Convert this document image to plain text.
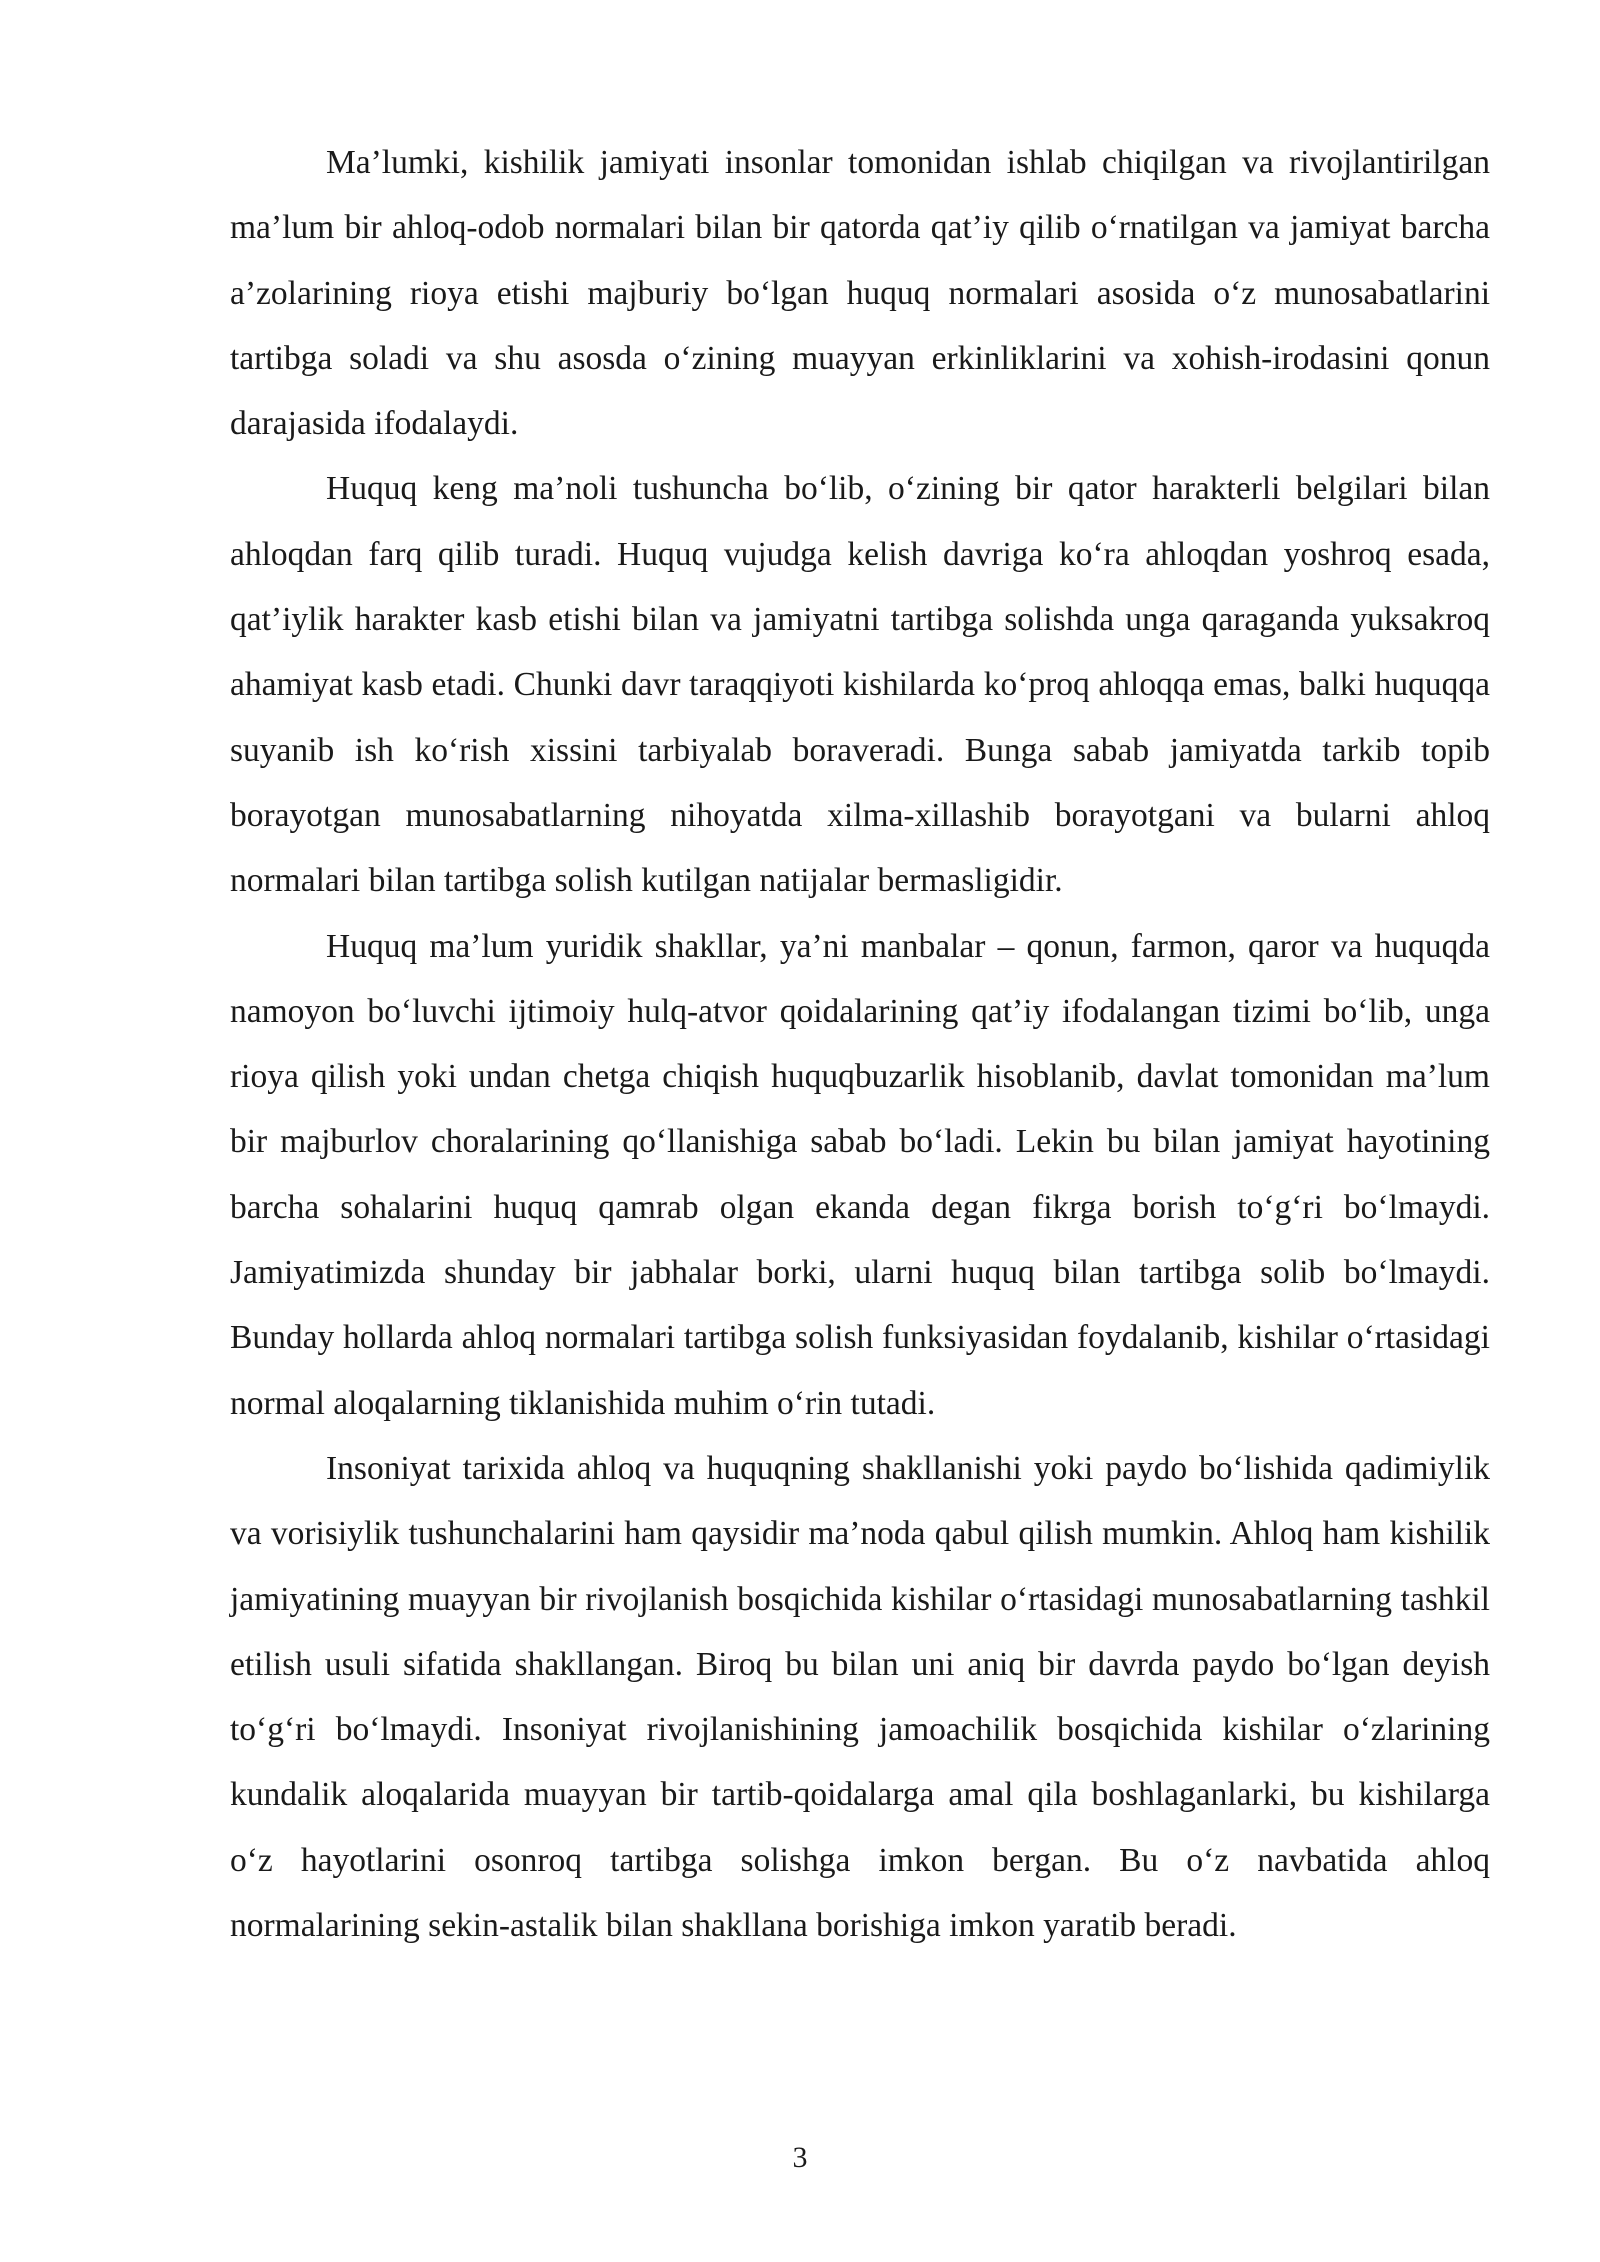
Ma’lumki, kishilik jamiyati insonlar tomonidan ishlab chiqilgan va rivojlantirilgan ma’lum bir ahloq-odob normalari bilan bir qatorda qat’iy qilib o‘rnatilgan va jamiyat barcha a’zolarining rioya etishi majburiy bo‘lgan huquq normalari asosida o‘z munosabatlarini tartibga soladi va shu asosda o‘zining muayyan erkinliklarini va xohish-irodasini qonun darajasida ifodalaydi.

Huquq keng ma’noli tushuncha bo‘lib, o‘zining bir qator harakterli belgilari bilan ahloqdan farq qilib turadi. Huquq vujudga kelish davriga ko‘ra ahloqdan yoshroq esada, qat’iylik harakter kasb etishi bilan va jamiyatni tartibga solishda unga qaraganda yuksakroq ahamiyat kasb etadi. Chunki davr taraqqiyoti kishilarda ko‘proq ahloqqa emas, balki huquqqa suyanib ish ko‘rish xissini tarbiyalab boraveradi. Bunga sabab jamiyatda tarkib topib borayotgan munosabatlarning nihoyatda xilma-xillashib borayotgani va bularni ahloq normalari bilan tartibga solish kutilgan natijalar bermasligidir.

Huquq ma’lum yuridik shakllar, ya’ni manbalar – qonun, farmon, qaror va huquqda namoyon bo‘luvchi ijtimoiy hulq-atvor qoidalarining qat’iy ifodalangan tizimi bo‘lib, unga rioya qilish yoki undan chetga chiqish huquqbuzarlik hisoblanib, davlat tomonidan ma’lum bir majburlov choralarining qo‘llanishiga sabab bo‘ladi. Lekin bu bilan jamiyat hayotining barcha sohalarini huquq qamrab olgan ekanda degan fikrga borish to‘g‘ri bo‘lmaydi. Jamiyatimizda shunday bir jabhalar borki, ularni huquq bilan tartibga solib bo‘lmaydi. Bunday hollarda ahloq normalari tartibga solish funksiyasidan foydalanib, kishilar o‘rtasidagi normal aloqalarning tiklanishida muhim o‘rin tutadi.

Insoniyat tarixida ahloq va huquqning shakllanishi yoki paydo bo‘lishida qadimiylik va vorisiylik tushunchalarini ham qaysidir ma’noda qabul qilish mumkin. Ahloq ham kishilik jamiyatining muayyan bir rivojlanish bosqichida kishilar o‘rtasidagi munosabatlarning tashkil etilish usuli sifatida shakllangan. Biroq bu bilan uni aniq bir davrda paydo bo‘lgan deyish to‘g‘ri bo‘lmaydi. Insoniyat rivojlanishining jamoachilik bosqichida kishilar o‘zlarining kundalik aloqalarida muayyan bir tartib-qoidalarga amal qila boshlaganlarki, bu kishilarga o‘z hayotlarini osonroq tartibga solishga imkon bergan. Bu o‘z navbatida ahloq normalarining sekin-astalik bilan shakllana borishiga imkon yaratib beradi.

3
